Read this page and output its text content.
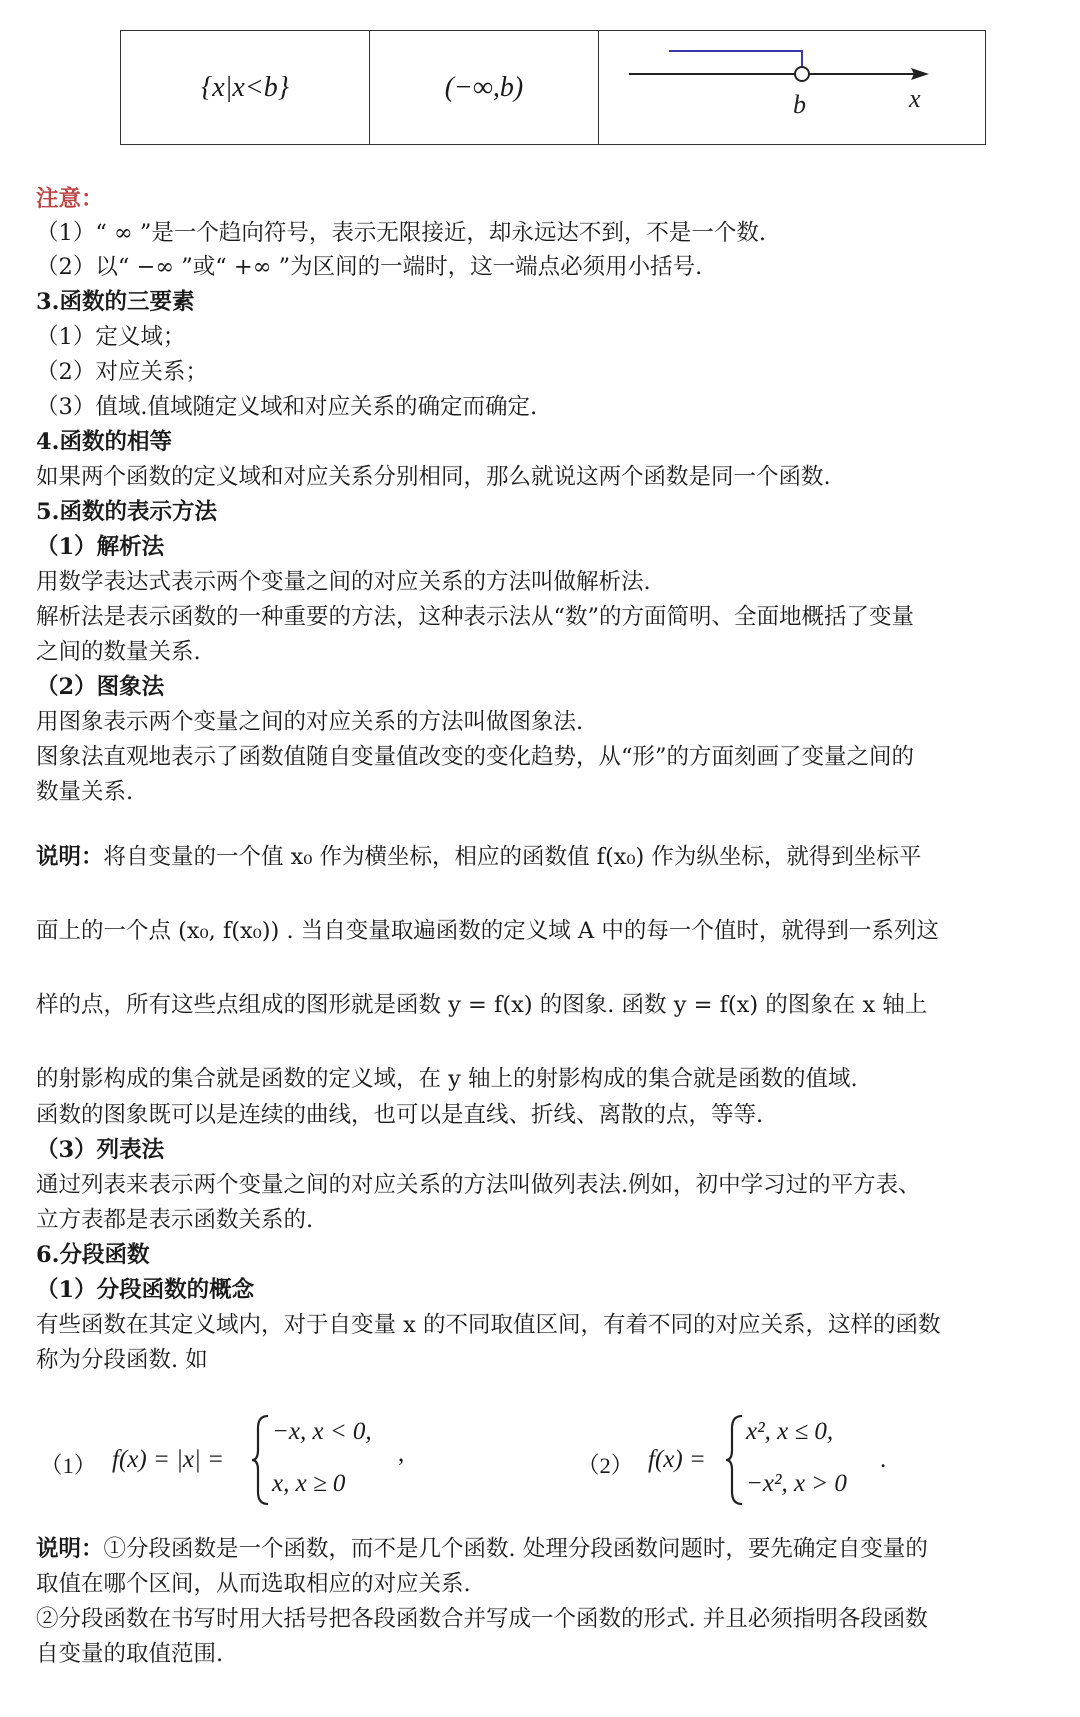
{x|x<b}	(−∞,b)
b	x
注意：
（1）“ ∞ ”是一个趋向符号，表示无限接近，却永远达不到，不是一个数.
（2）以“ −∞ ”或“ +∞ ”为区间的一端时，这一端点必须用小括号.
3.函数的三要素
（1）定义域；
（2）对应关系；
（3）值域.值域随定义域和对应关系的确定而确定.
4.函数的相等
如果两个函数的定义域和对应关系分别相同，那么就说这两个函数是同一个函数.
5.函数的表示方法
（1）解析法
用数学表达式表示两个变量之间的对应关系的方法叫做解析法.
解析法是表示函数的一种重要的方法，这种表示法从“数”的方面简明、全面地概括了变量
之间的数量关系.
（2）图象法
用图象表示两个变量之间的对应关系的方法叫做图象法.
图象法直观地表示了函数值随自变量值改变的变化趋势，从“形”的方面刻画了变量之间的
数量关系.
说明：将自变量的一个值 x₀ 作为横坐标，相应的函数值 f(x₀) 作为纵坐标，就得到坐标平
面上的一个点 (x₀, f(x₀)) . 当自变量取遍函数的定义域 A 中的每一个值时，就得到一系列这
样的点，所有这些点组成的图形就是函数 y = f(x) 的图象. 函数 y = f(x) 的图象在 x 轴上
的射影构成的集合就是函数的定义域，在 y 轴上的射影构成的集合就是函数的值域.
函数的图象既可以是连续的曲线，也可以是直线、折线、离散的点，等等.
（3）列表法
通过列表来表示两个变量之间的对应关系的方法叫做列表法.例如，初中学习过的平方表、
立方表都是表示函数关系的.
6.分段函数
（1）分段函数的概念
有些函数在其定义域内，对于自变量 x 的不同取值区间，有着不同的对应关系，这样的函数
称为分段函数. 如
（1） f(x) = |x| =
−x, x < 0,
x, x ≥ 0
,	（2） f(x) =
x², x ≤ 0,
−x², x > 0
.
说明：①分段函数是一个函数，而不是几个函数. 处理分段函数问题时，要先确定自变量的
取值在哪个区间，从而选取相应的对应关系.
②分段函数在书写时用大括号把各段函数合并写成一个函数的形式. 并且必须指明各段函数
自变量的取值范围.
